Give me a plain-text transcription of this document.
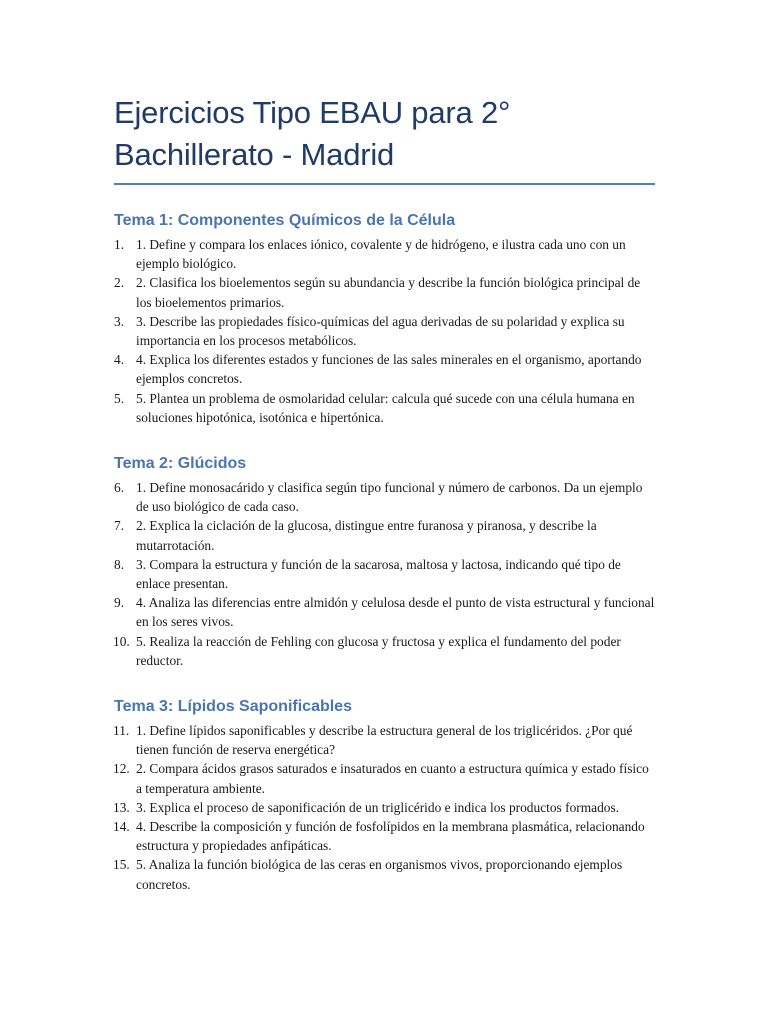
Ejercicios Tipo EBAU para 2°
Bachillerato - Madrid
Tema 1: Componentes Químicos de la Célula
1. 1. Define y compara los enlaces iónico, covalente y de hidrógeno, e ilustra cada uno con un ejemplo biológico.
2. 2. Clasifica los bioelementos según su abundancia y describe la función biológica principal de los bioelementos primarios.
3. 3. Describe las propiedades físico-químicas del agua derivadas de su polaridad y explica su importancia en los procesos metabólicos.
4. 4. Explica los diferentes estados y funciones de las sales minerales en el organismo, aportando ejemplos concretos.
5. 5. Plantea un problema de osmolaridad celular: calcula qué sucede con una célula humana en soluciones hipotónica, isotónica e hipertónica.
Tema 2: Glúcidos
6. 1. Define monosacárido y clasifica según tipo funcional y número de carbonos. Da un ejemplo de uso biológico de cada caso.
7. 2. Explica la ciclación de la glucosa, distingue entre furanosa y piranosa, y describe la mutarrotación.
8. 3. Compara la estructura y función de la sacarosa, maltosa y lactosa, indicando qué tipo de enlace presentan.
9. 4. Analiza las diferencias entre almidón y celulosa desde el punto de vista estructural y funcional en los seres vivos.
10. 5. Realiza la reacción de Fehling con glucosa y fructosa y explica el fundamento del poder reductor.
Tema 3: Lípidos Saponificables
11. 1. Define lípidos saponificables y describe la estructura general de los triglicéridos. ¿Por qué tienen función de reserva energética?
12. 2. Compara ácidos grasos saturados e insaturados en cuanto a estructura química y estado físico a temperatura ambiente.
13. 3. Explica el proceso de saponificación de un triglicérido e indica los productos formados.
14. 4. Describe la composición y función de fosfolípidos en la membrana plasmática, relacionando estructura y propiedades anfipáticas.
15. 5. Analiza la función biológica de las ceras en organismos vivos, proporcionando ejemplos concretos.
